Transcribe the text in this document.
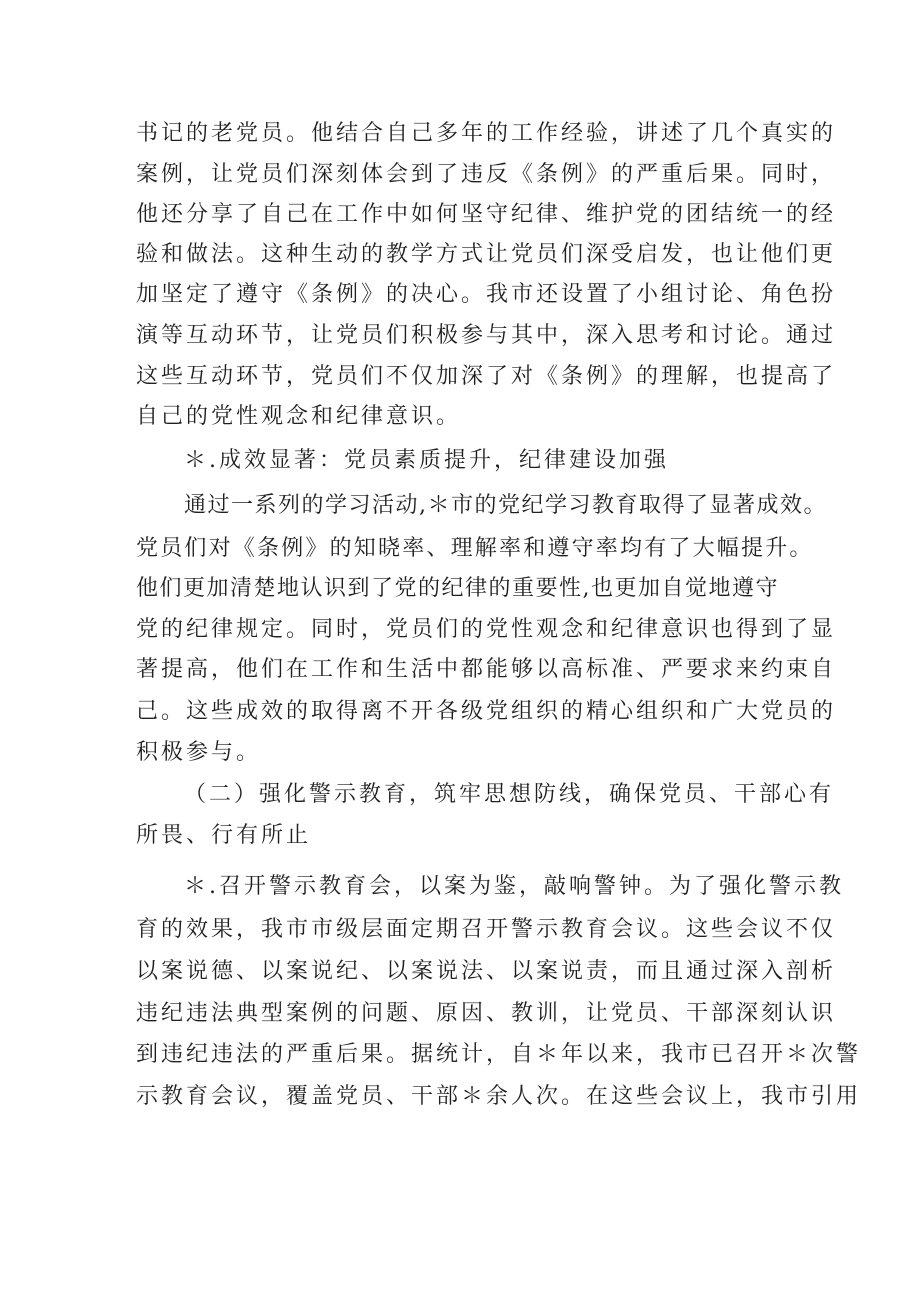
书记的老党员。他结合自己多年的工作经验，讲述了几个真实的

案例，让党员们深刻体会到了违反《条例》的严重后果。同时，

他还分享了自己在工作中如何坚守纪律、维护党的团结统一的经

验和做法。这种生动的教学方式让党员们深受启发，也让他们更

加坚定了遵守《条例》的决心。我市还设置了小组讨论、角色扮

演等互动环节，让党员们积极参与其中，深入思考和讨论。通过

这些互动环节，党员们不仅加深了对《条例》的理解，也提高了

自己的党性观念和纪律意识。

＊.成效显著：党员素质提升，纪律建设加强

通过一系列的学习活动,＊市的党纪学习教育取得了显著成效。

党员们对《条例》的知晓率、理解率和遵守率均有了大幅提升。

他们更加清楚地认识到了党的纪律的重要性,也更加自觉地遵守

党的纪律规定。同时，党员们的党性观念和纪律意识也得到了显

著提高，他们在工作和生活中都能够以高标准、严要求来约束自

己。这些成效的取得离不开各级党组织的精心组织和广大党员的

积极参与。

（二）强化警示教育，筑牢思想防线，确保党员、干部心有

所畏、行有所止

＊.召开警示教育会，以案为鉴，敲响警钟。为了强化警示教

育的效果，我市市级层面定期召开警示教育会议。这些会议不仅

以案说德、以案说纪、以案说法、以案说责，而且通过深入剖析

违纪违法典型案例的问题、原因、教训，让党员、干部深刻认识

到违纪违法的严重后果。据统计，自＊年以来，我市已召开＊次警

示教育会议，覆盖党员、干部＊余人次。在这些会议上，我市引用
